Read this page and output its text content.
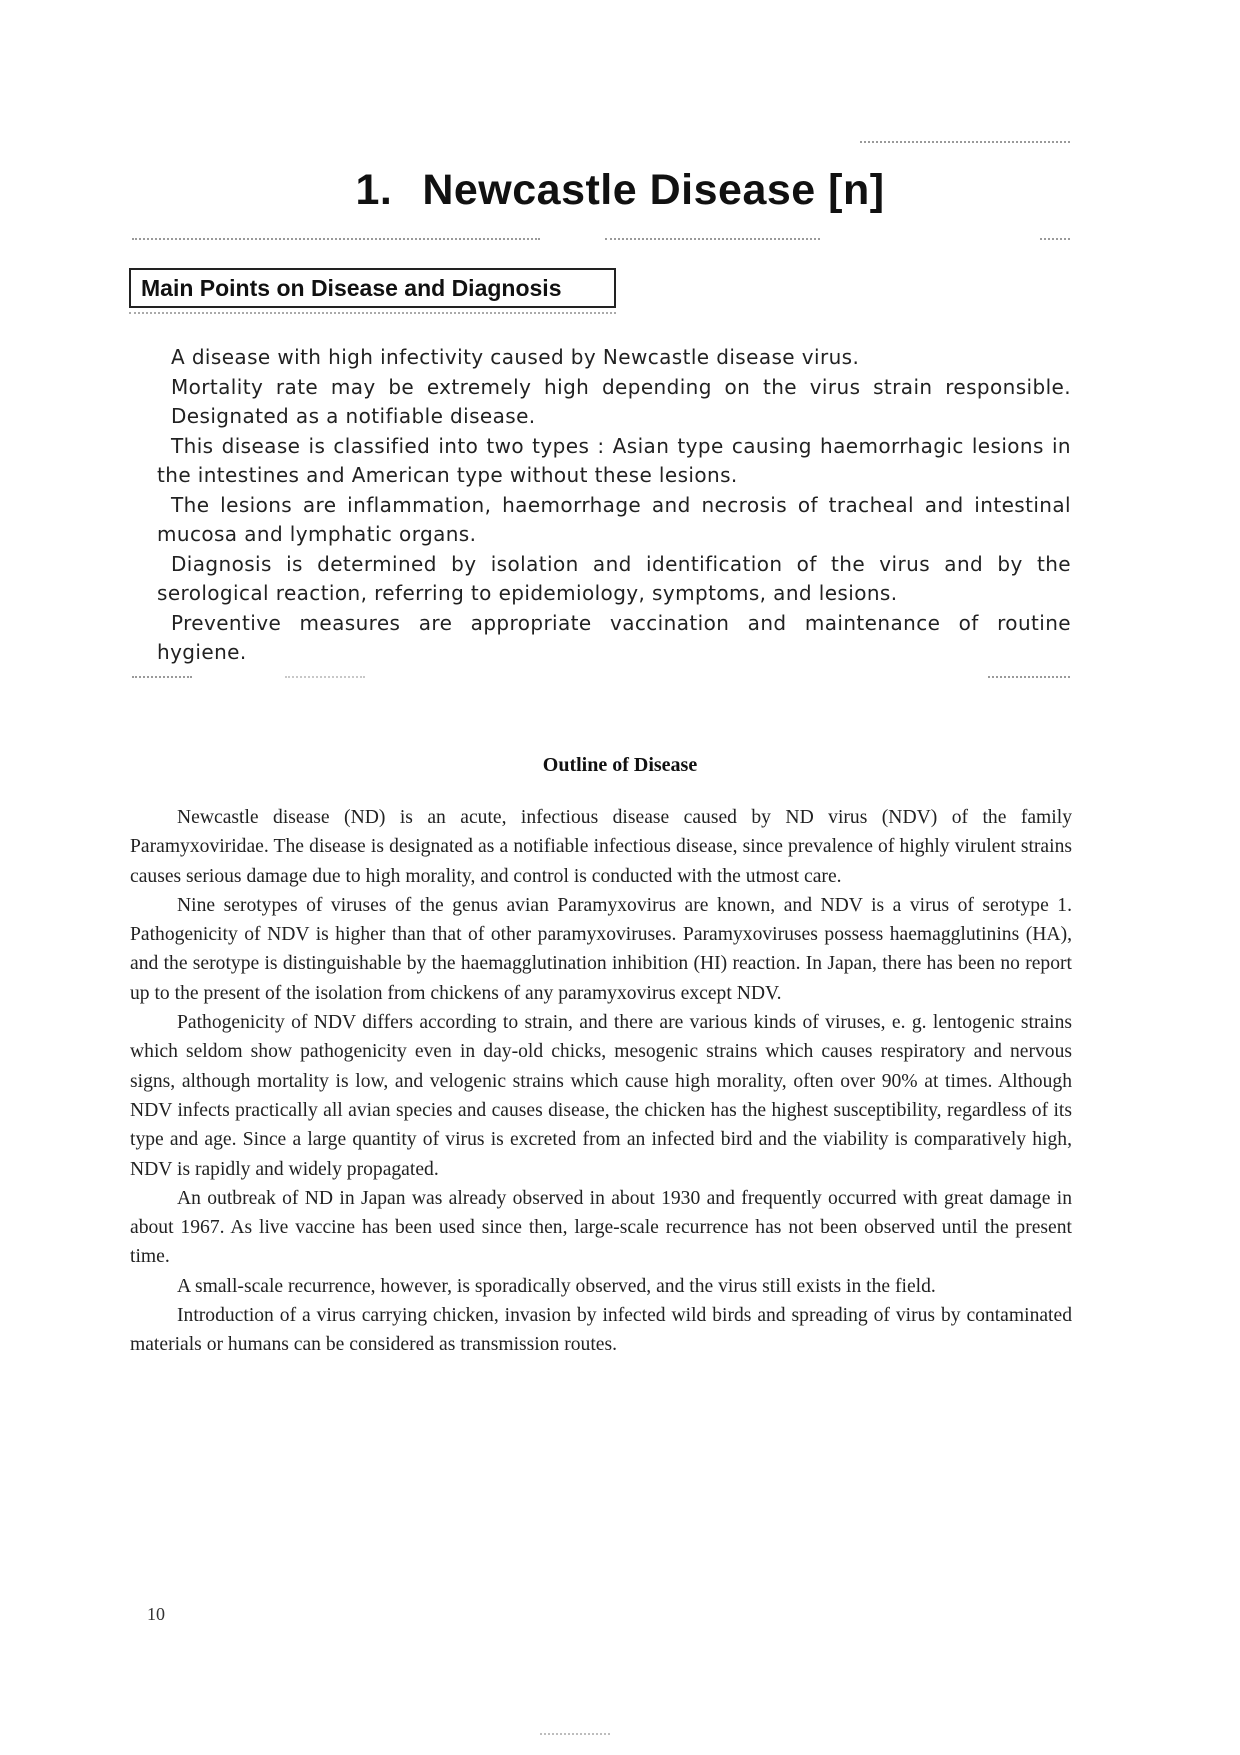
1. Newcastle Disease [n]
Main Points on Disease and Diagnosis

A disease with high infectivity caused by Newcastle disease virus.

Mortality rate may be extremely high depending on the virus strain responsible. Designated as a notifiable disease.

This disease is classified into two types : Asian type causing haemorrhagic lesions in the intestines and American type without these lesions.

The lesions are inflammation, haemorrhage and necrosis of tracheal and intestinal mucosa and lymphatic organs.

Diagnosis is determined by isolation and identification of the virus and by the serological reaction, referring to epidemiology, symptoms, and lesions.

Preventive measures are appropriate vaccination and maintenance of routine hygiene.

Outline of Disease

Newcastle disease (ND) is an acute, infectious disease caused by ND virus (NDV) of the family Paramyxoviridae. The disease is designated as a notifiable infectious disease, since prevalence of highly virulent strains causes serious damage due to high morality, and control is conducted with the utmost care.

Nine serotypes of viruses of the genus avian Paramyxovirus are known, and NDV is a virus of serotype 1. Pathogenicity of NDV is higher than that of other paramyxoviruses. Paramyxoviruses possess haemagglutinins (HA), and the serotype is distinguishable by the haemagglutination inhibition (HI) reaction. In Japan, there has been no report up to the present of the isolation from chickens of any paramyxovirus except NDV.

Pathogenicity of NDV differs according to strain, and there are various kinds of viruses, e. g. lentogenic strains which seldom show pathogenicity even in day-old chicks, mesogenic strains which causes respiratory and nervous signs, although mortality is low, and velogenic strains which cause high morality, often over 90% at times. Although NDV infects practically all avian species and causes disease, the chicken has the highest susceptibility, regardless of its type and age. Since a large quantity of virus is excreted from an infected bird and the viability is comparatively high, NDV is rapidly and widely propagated.

An outbreak of ND in Japan was already observed in about 1930 and frequently occurred with great damage in about 1967. As live vaccine has been used since then, large-scale recurrence has not been observed until the present time.

A small-scale recurrence, however, is sporadically observed, and the virus still exists in the field.

Introduction of a virus carrying chicken, invasion by infected wild birds and spreading of virus by contaminated materials or humans can be considered as transmission routes.

10
